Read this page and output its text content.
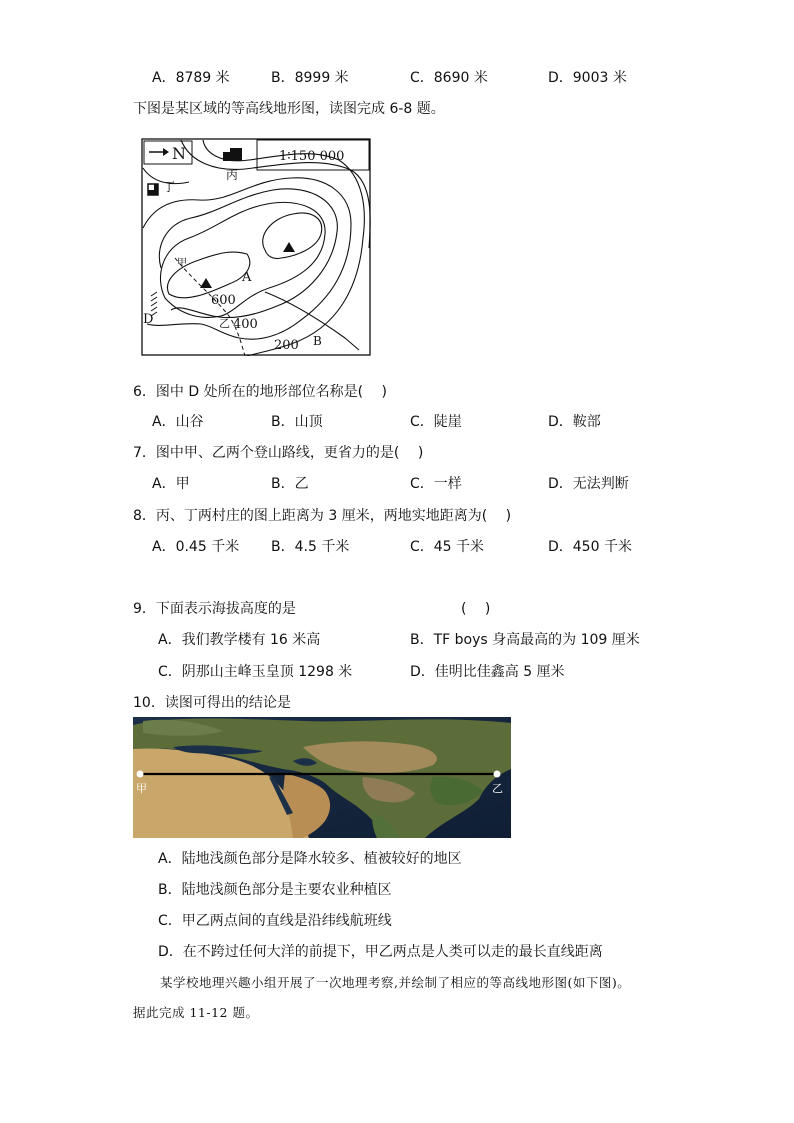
A．8789 米	B．8999 米	C．8690 米	D．9003 米
下图是某区域的等高线地形图，读图完成 6-8 题。
N	1∶150 000
丙
丁
甲
A
600
乙 400
D
200 B
6．图中 D 处所在的地形部位名称是(　 )
A．山谷	B．山顶	C．陡崖	D．鞍部
7．图中甲、乙两个登山路线，更省力的是(　 )
A．甲	B．乙	C．一样	D．无法判断
8．丙、丁两村庄的图上距离为 3 厘米，两地实地距离为(　 )
A．0.45 千米 B．4.5 千米	C．45 千米	D．450 千米
9．下面表示海拔高度的是	(　 )
A．我们教学楼有 16 米高	B．TF boys 身高最高的为 109 厘米
C．阴那山主峰玉皇顶 1298 米	D．佳明比佳鑫高 5 厘米
10．读图可得出的结论是
甲	乙
A．陆地浅颜色部分是降水较多、植被较好的地区
B．陆地浅颜色部分是主要农业种植区
C．甲乙两点间的直线是沿纬线航班线
D．在不跨过任何大洋的前提下，甲乙两点是人类可以走的最长直线距离
某学校地理兴趣小组开展了一次地理考察,并绘制了相应的等高线地形图(如下图)。
据此完成 11-12 题。
